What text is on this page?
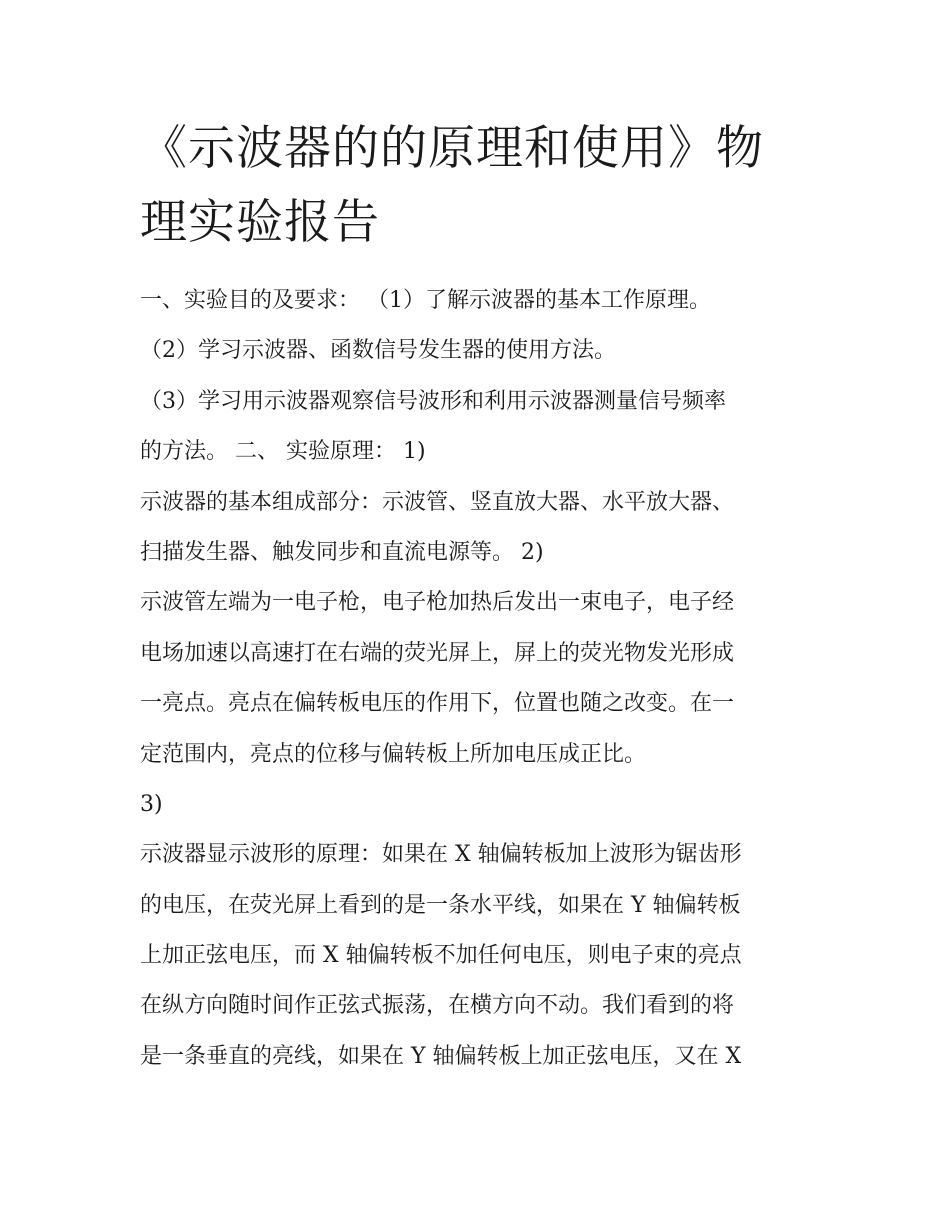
《示波器的的原理和使用》物
理实验报告
一、实验目的及要求： （1）了解示波器的基本工作原理。
（2）学习示波器、函数信号发生器的使用方法。
（3）学习用示波器观察信号波形和利用示波器测量信号频率
的方法。 二、 实验原理： 1)
示波器的基本组成部分：示波管、竖直放大器、水平放大器、
扫描发生器、触发同步和直流电源等。 2)
示波管左端为一电子枪，电子枪加热后发出一束电子，电子经
电场加速以高速打在右端的荧光屏上，屏上的荧光物发光形成
一亮点。亮点在偏转板电压的作用下，位置也随之改变。在一
定范围内，亮点的位移与偏转板上所加电压成正比。
3)
示波器显示波形的原理：如果在 X 轴偏转板加上波形为锯齿形
的电压，在荧光屏上看到的是一条水平线，如果在 Y 轴偏转板
上加正弦电压，而 X 轴偏转板不加任何电压，则电子束的亮点
在纵方向随时间作正弦式振荡，在横方向不动。我们看到的将
是一条垂直的亮线，如果在 Y 轴偏转板上加正弦电压，又在 X
